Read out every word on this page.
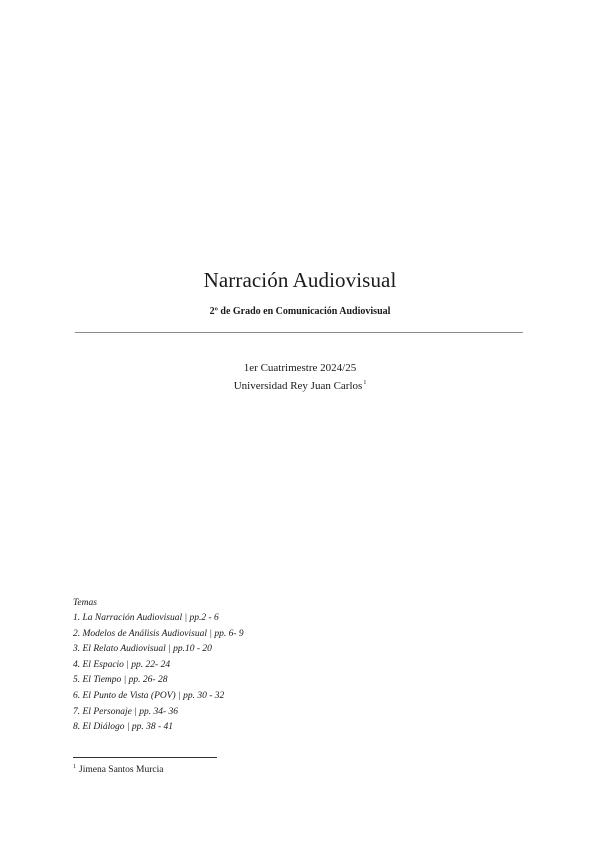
Narración Audiovisual
2º de Grado en Comunicación Audiovisual
1er Cuatrimestre 2024/25
Universidad Rey Juan Carlos$^1$
Temas
1. La Narración Audiovisual | pp.2 - 6
2. Modelos de Análisis Audiovisual | pp. 6- 9
3. El Relato Audiovisual | pp.10 - 20
4. El Espacio | pp. 22- 24
5. El Tiempo | pp. 26- 28
6. El Punto de Vista (POV) | pp. 30 - 32
7. El Personaje | pp. 34- 36
8. El Diálogo | pp. 38 - 41
$^1$ Jimena Santos Murcia
